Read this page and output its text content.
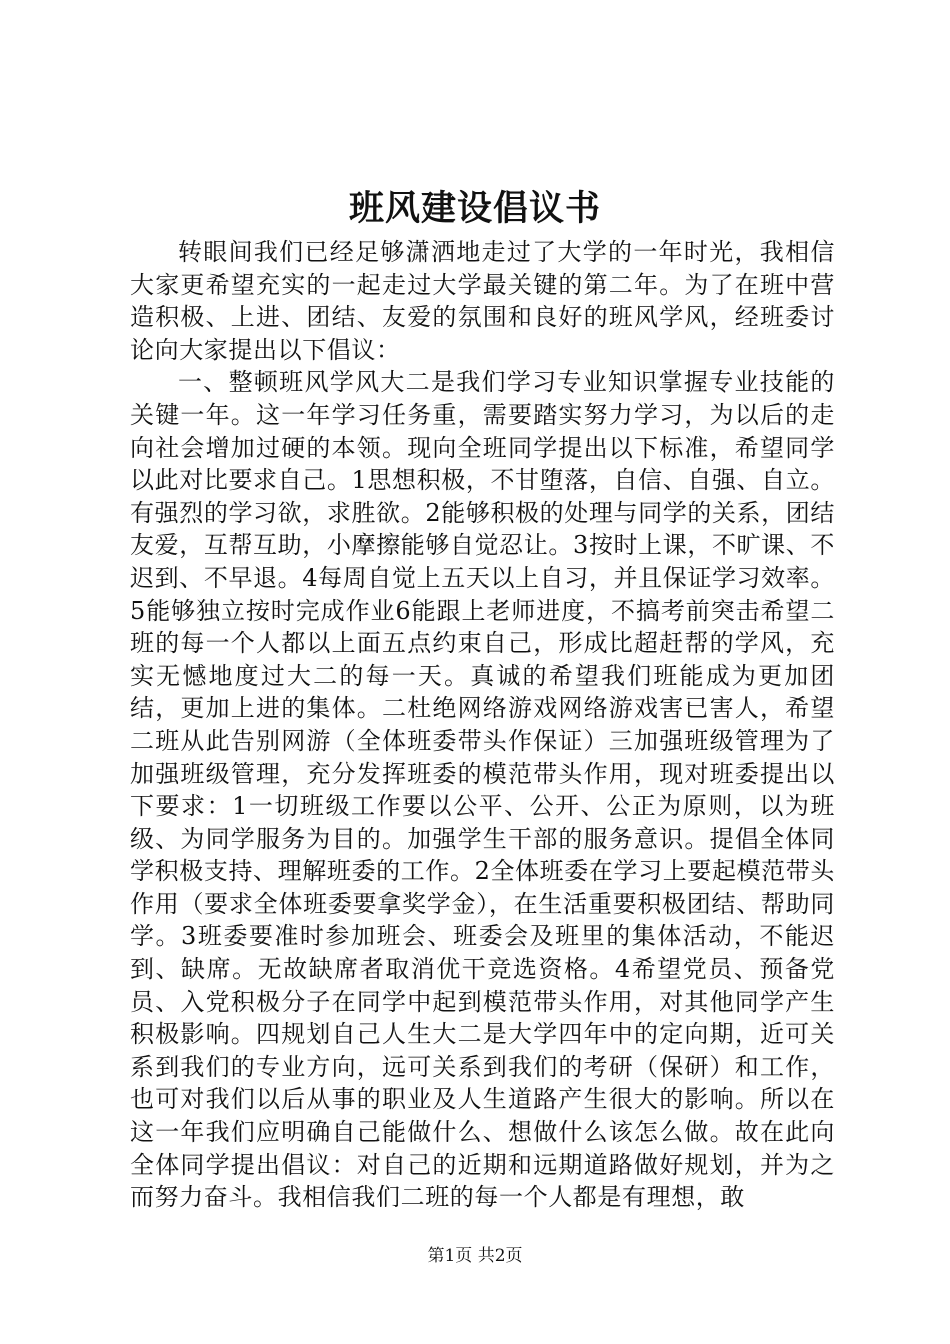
班风建设倡议书

转眼间我们已经足够潇洒地走过了大学的一年时光，我相信大家更希望充实的一起走过大学最关键的第二年。为了在班中营造积极、上进、团结、友爱的氛围和良好的班风学风，经班委讨论向大家提出以下倡议：

一、整顿班风学风大二是我们学习专业知识掌握专业技能的关键一年。这一年学习任务重，需要踏实努力学习，为以后的走向社会增加过硬的本领。现向全班同学提出以下标准，希望同学以此对比要求自己。1思想积极，不甘堕落，自信、自强、自立。有强烈的学习欲，求胜欲。2能够积极的处理与同学的关系，团结友爱，互帮互助，小摩擦能够自觉忍让。3按时上课，不旷课、不迟到、不早退。4每周自觉上五天以上自习，并且保证学习效率。5能够独立按时完成作业6能跟上老师进度，不搞考前突击希望二班的每一个人都以上面五点约束自己，形成比超赶帮的学风，充实无憾地度过大二的每一天。真诚的希望我们班能成为更加团结，更加上进的集体。二杜绝网络游戏网络游戏害已害人，希望二班从此告别网游（全体班委带头作保证）三加强班级管理为了加强班级管理，充分发挥班委的模范带头作用，现对班委提出以下要求：1一切班级工作要以公平、公开、公正为原则，以为班级、为同学服务为目的。加强学生干部的服务意识。提倡全体同学积极支持、理解班委的工作。2全体班委在学习上要起模范带头作用（要求全体班委要拿奖学金），在生活重要积极团结、帮助同学。3班委要准时参加班会、班委会及班里的集体活动，不能迟到、缺席。无故缺席者取消优干竞选资格。4希望党员、预备党员、入党积极分子在同学中起到模范带头作用，对其他同学产生积极影响。四规划自己人生大二是大学四年中的定向期，近可关系到我们的专业方向，远可关系到我们的考研（保研）和工作，也可对我们以后从事的职业及人生道路产生很大的影响。所以在这一年我们应明确自己能做什么、想做什么该怎么做。故在此向全体同学提出倡议：对自己的近期和远期道路做好规划，并为之而努力奋斗。我相信我们二班的每一个人都是有理想，敢

第1页 共2页
